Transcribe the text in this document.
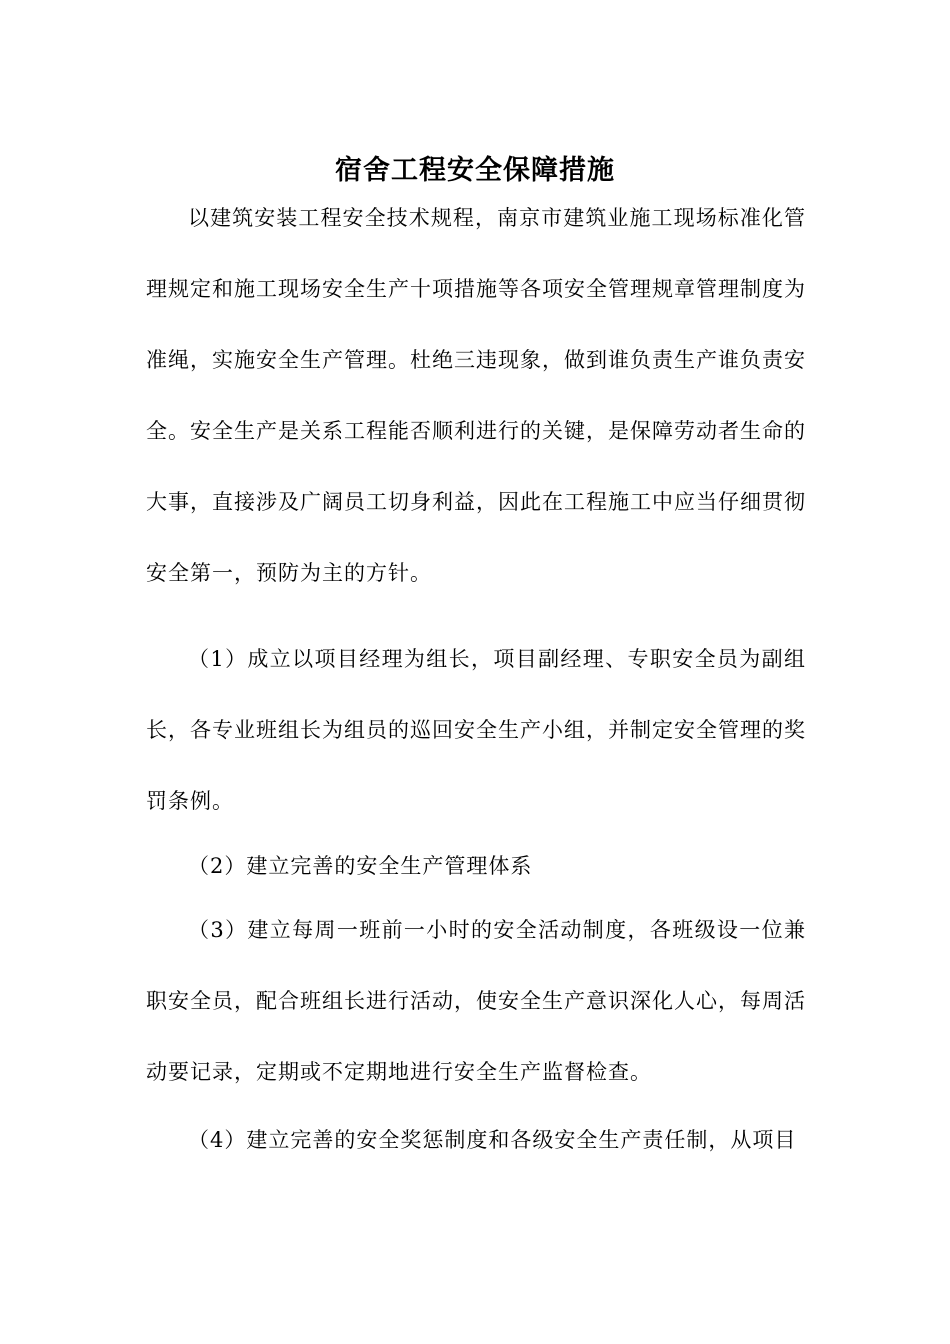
宿舍工程安全保障措施

以建筑安装工程安全技术规程，南京市建筑业施工现场标准化管理规定和施工现场安全生产十项措施等各项安全管理规章管理制度为准绳，实施安全生产管理。杜绝三违现象，做到谁负责生产谁负责安全。安全生产是关系工程能否顺利进行的关键，是保障劳动者生命的大事，直接涉及广阔员工切身利益，因此在工程施工中应当仔细贯彻安全第一，预防为主的方针。

（1）成立以项目经理为组长，项目副经理、专职安全员为副组长，各专业班组长为组员的巡回安全生产小组，并制定安全管理的奖罚条例。

（2）建立完善的安全生产管理体系

（3）建立每周一班前一小时的安全活动制度，各班级设一位兼职安全员，配合班组长进行活动，使安全生产意识深化人心，每周活动要记录，定期或不定期地进行安全生产监督检查。

（4）建立完善的安全奖惩制度和各级安全生产责任制，从项目
